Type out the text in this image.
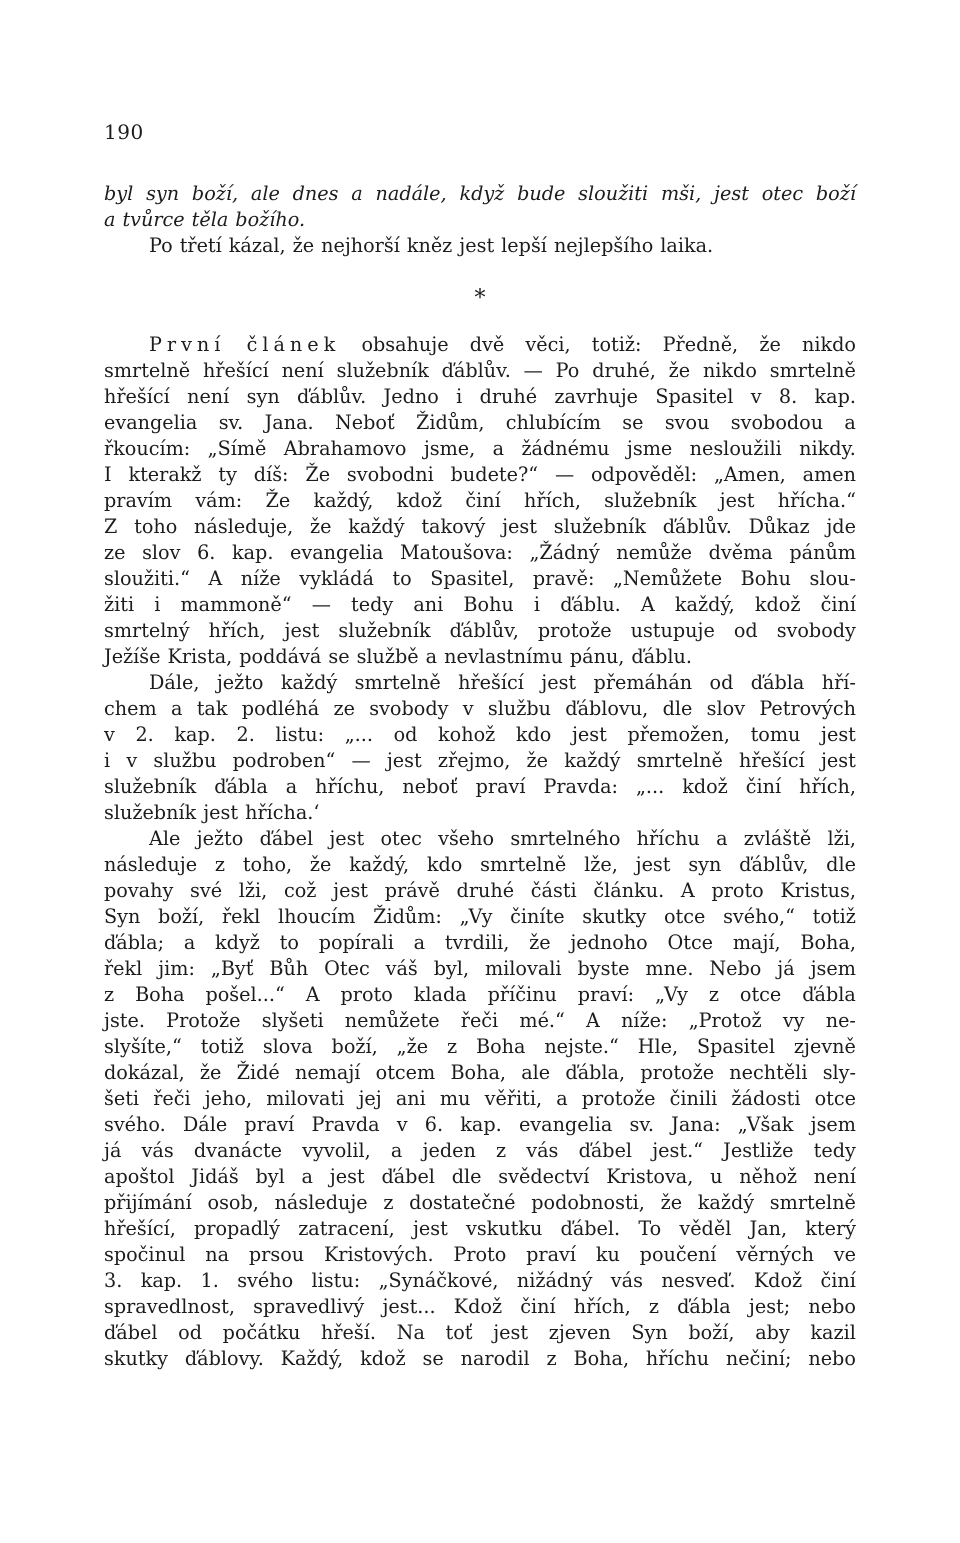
190
byl syn boží, ale dnes a nadále, když bude sloužiti mši, jest otec boží
a tvůrce těla božího.
Po třetí kázal, že nejhorší kněz jest lepší nejlepšího laika.
*
První článek obsahuje dvě věci, totiž: Předně, že nikdo
smrtelně hřešící není služebník ďáblův. — Po druhé, že nikdo smrtelně
hřešící není syn ďáblův. Jedno i druhé zavrhuje Spasitel v 8. kap.
evangelia sv. Jana. Neboť Židům, chlubícím se svou svobodou a
řkoucím: „Símě Abrahamovo jsme, a žádnému jsme nesloužili nikdy.
I kterakž ty díš: Že svobodni budete?“ — odpověděl: „Amen, amen
pravím vám: Že každý, kdož činí hřích, služebník jest hřícha.“
Z toho následuje, že každý takový jest služebník ďáblův. Důkaz jde
ze slov 6. kap. evangelia Matoušova: „Žádný nemůže dvěma pánům
sloužiti.“ A níže vykládá to Spasitel, pravě: „Nemůžete Bohu slou-
žiti i mammoně“ — tedy ani Bohu i ďáblu. A každý, kdož činí
smrtelný hřích, jest služebník ďáblův, protože ustupuje od svobody
Ježíše Krista, poddává se službě a nevlastnímu pánu, ďáblu.
Dále, ježto každý smrtelně hřešící jest přemáhán od ďábla hří-
chem a tak podléhá ze svobody v službu ďáblovu, dle slov Petrových
v 2. kap. 2. listu: „... od kohož kdo jest přemožen, tomu jest
i v službu podroben“ — jest zřejmo, že každý smrtelně hřešící jest
služebník ďábla a hříchu, neboť praví Pravda: „... kdož činí hřích,
služebník jest hřícha.‘
Ale ježto ďábel jest otec všeho smrtelného hříchu a zvláště lži,
následuje z toho, že každý, kdo smrtelně lže, jest syn ďáblův, dle
povahy své lži, což jest právě druhé části článku. A proto Kristus,
Syn boží, řekl lhoucím Židům: „Vy činíte skutky otce svého,“ totiž
ďábla; a když to popírali a tvrdili, že jednoho Otce mají, Boha,
řekl jim: „Byť Bůh Otec váš byl, milovali byste mne. Nebo já jsem
z Boha pošel...“ A proto klada příčinu praví: „Vy z otce ďábla
jste. Protože slyšeti nemůžete řeči mé.“ A níže: „Protož vy ne-
slyšíte,“ totiž slova boží, „že z Boha nejste.“ Hle, Spasitel zjevně
dokázal, že Židé nemají otcem Boha, ale ďábla, protože nechtěli sly-
šeti řeči jeho, milovati jej ani mu věřiti, a protože činili žádosti otce
svého. Dále praví Pravda v 6. kap. evangelia sv. Jana: „Však jsem
já vás dvanácte vyvolil, a jeden z vás ďábel jest.“ Jestliže tedy
apoštol Jidáš byl a jest ďábel dle svědectví Kristova, u něhož není
přijímání osob, následuje z dostatečné podobnosti, že každý smrtelně
hřešící, propadlý zatracení, jest vskutku ďábel. To věděl Jan, který
spočinul na prsou Kristových. Proto praví ku poučení věrných ve
3. kap. 1. svého listu: „Synáčkové, nižádný vás nesveď. Kdož činí
spravedlnost, spravedlivý jest... Kdož činí hřích, z ďábla jest; nebo
ďábel od počátku hřeší. Na toť jest zjeven Syn boží, aby kazil
skutky ďáblovy. Každý, kdož se narodil z Boha, hříchu nečiní; nebo
